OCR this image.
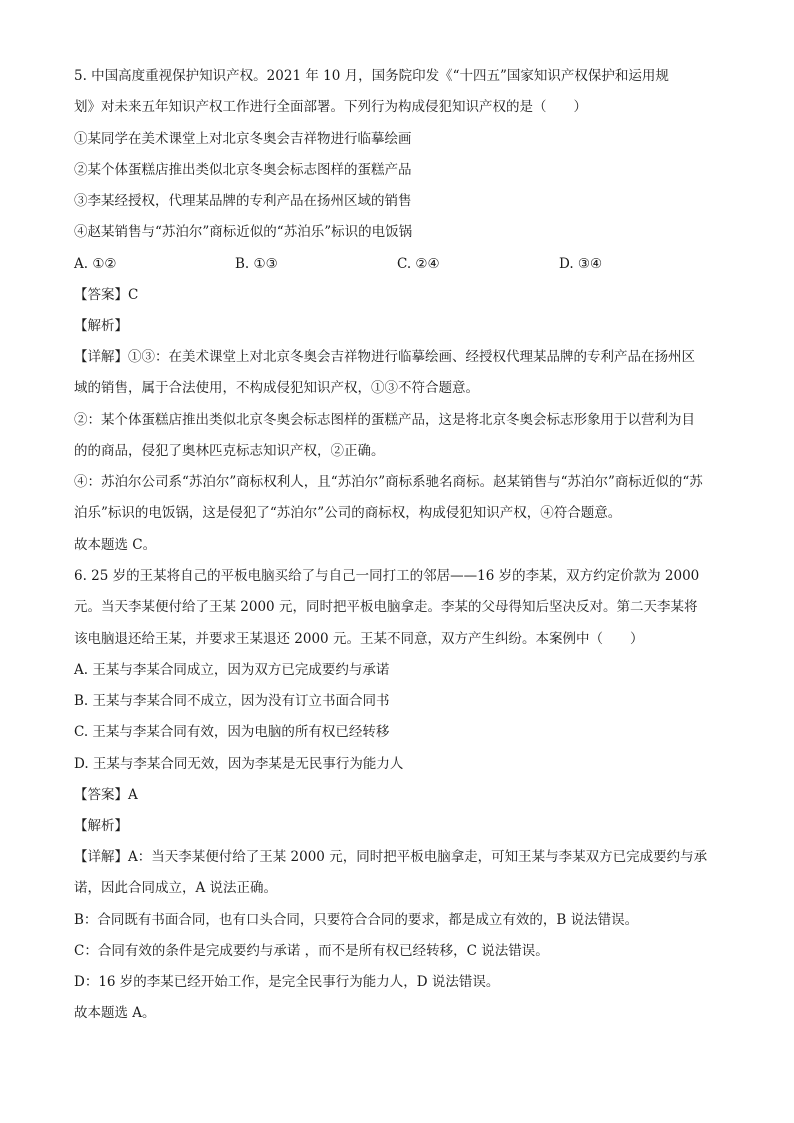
5. 中国高度重视保护知识产权。2021 年 10 月，国务院印发《“十四五”国家知识产权保护和运用规
划》对未来五年知识产权工作进行全面部署。下列行为构成侵犯知识产权的是（　　）
①某同学在美术课堂上对北京冬奥会吉祥物进行临摹绘画
②某个体蛋糕店推出类似北京冬奥会标志图样的蛋糕产品
③李某经授权，代理某品牌的专利产品在扬州区域的销售
④赵某销售与“苏泊尔”商标近似的“苏泊乐”标识的电饭锅
A. ①②	B. ①③	C. ②④	D. ③④
【答案】C
【解析】
【详解】①③：在美术课堂上对北京冬奥会吉祥物进行临摹绘画、经授权代理某品牌的专利产品在扬州区
域的销售，属于合法使用，不构成侵犯知识产权，①③不符合题意。
②：某个体蛋糕店推出类似北京冬奥会标志图样的蛋糕产品，这是将北京冬奥会标志形象用于以营利为目
的的商品，侵犯了奥林匹克标志知识产权，②正确。
④：苏泊尔公司系“苏泊尔”商标权利人，且“苏泊尔”商标系驰名商标。赵某销售与“苏泊尔”商标近似的“苏
泊乐”标识的电饭锅，这是侵犯了“苏泊尔”公司的商标权，构成侵犯知识产权，④符合题意。
故本题选 C。
6. 25 岁的王某将自己的平板电脑买给了与自己一同打工的邻居——16 岁的李某，双方约定价款为 2000
元。当天李某便付给了王某 2000 元，同时把平板电脑拿走。李某的父母得知后坚决反对。第二天李某将
该电脑退还给王某，并要求王某退还 2000 元。王某不同意，双方产生纠纷。本案例中（　　）
A. 王某与李某合同成立，因为双方已完成要约与承诺
B. 王某与李某合同不成立，因为没有订立书面合同书
C. 王某与李某合同有效，因为电脑的所有权已经转移
D. 王某与李某合同无效，因为李某是无民事行为能力人
【答案】A
【解析】
【详解】A：当天李某便付给了王某 2000 元，同时把平板电脑拿走，可知王某与李某双方已完成要约与承
诺，因此合同成立，A 说法正确。
B：合同既有书面合同，也有口头合同，只要符合合同的要求，都是成立有效的，B 说法错误。
C：合同有效的条件是完成要约与承诺 ，而不是所有权已经转移，C 说法错误。
D：16 岁的李某已经开始工作，是完全民事行为能力人，D 说法错误。
故本题选 A。
